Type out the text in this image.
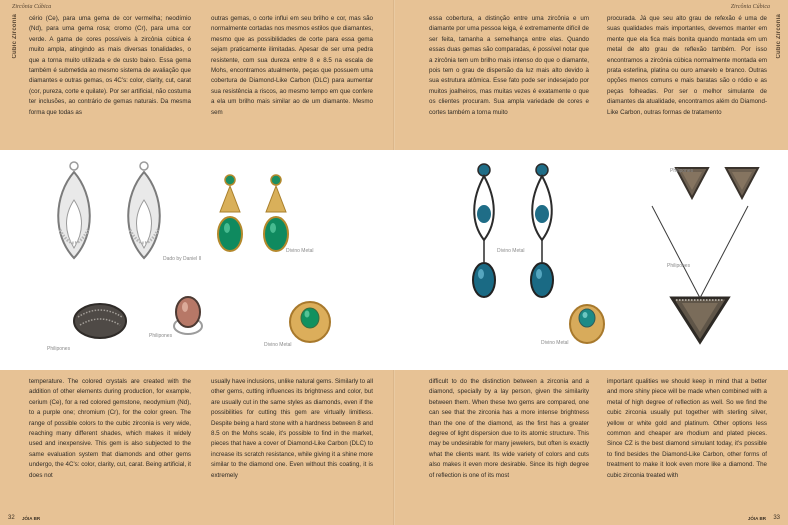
Zircônia Cúbica
Cubic Zirconia cério (Ce), para uma gema de cor vermelha; neodímio (Nd), para uma gema rosa; cromo (Cr), para uma cor verde. A gama de cores possíveis à zircônia cúbica é muito ampla, atingindo as mais diversas tonalidades, o que a torna muito utilizada e de custo baixo. Essa gema também é submetida ao mesmo sistema de avaliação que diamantes e outras gemas, os 4C's: color, clarity, cut, carat (cor, pureza, corte e quilate). Por ser artificial, não costuma ter inclusões, ao contrário de gemas naturais. Da mesma forma que todas as
outras gemas, o corte influi em seu brilho e cor, mas são normalmente cortadas nos mesmos estilos que diamantes, mesmo que as possibilidades de corte para essa gema sejam praticamente ilimitadas. Apesar de ser uma pedra resistente, com sua dureza entre 8 e 8.5 na escala de Mohs, encontramos atualmente, peças que possuem uma cobertura de Diamond-Like Carbon (DLC) para aumentar sua resistência a riscos, ao mesmo tempo em que confere a ela um brilho mais similar ao de um diamante. Mesmo sem
temperature. The colored crystals are created with the addition of other elements during production, for example, cerium (Ce), for a red colored gemstone, neodymium (Nd), to a purple one; chromium (Cr), for the color green. The range of possible colors to the cubic zirconia is very wide, reaching many different shades, which makes it widely used and inexpensive. This gem is also subjected to the same evaluation system that diamonds and other gems undergo, the 4C's: color, clarity, cut, carat. Being artificial, it does not
usually have inclusions, unlike natural gems. Similarly to all other gems, cutting influences its brightness and color, but are usually cut in the same styles as diamonds, even if the possibilities for cutting this gem are virtually limitless. Despite being a hard stone with a hardness between 8 and 8.5 on the Mohs scale, it's possible to find in the market, pieces that have a cover of Diamond-Like Carbon (DLC) to increase its scratch resistance, while giving it a shine more similar to the diamond one. Even without this coating, it is extremely
32 JÓIA BR
Zircônia Cúbica
Cubic Zirconia
essa cobertura, a distinção entre uma zircônia e um diamante por uma pessoa leiga, é extremamente difícil de ser feita, tamanha a semelhança entre elas. Quando essas duas gemas são comparadas, é possível notar que a zircônia tem um brilho mais intenso do que o diamante, pois tem o grau de dispersão da luz mais alto devido à sua estrutura atômica. Esse fato pode ser indesejado por muitos joalheiros, mas muitas vezes é exatamente o que os clientes procuram. Sua ampla variedade de cores e cortes também a torna muito
procurada. Já que seu alto grau de refexão é uma de suas qualidades mais importantes, devemos manter em mente que ela fica mais bonita quando montada em um metal de alto grau de reflexão também. Por isso encontramos a zircônia cúbica normalmente montada em prata esterlina, platina ou ouro amarelo e branco. Outras opções menos comuns e mais baratas são o ródio e as peças folheadas. Por ser o melhor simulante de diamantes da atualidade, encontramos além do Diamond-Like Carbon, outras formas de tratamento
difficult to do the distinction between a zirconia and a diamond, specially by a lay person, given the similarity between them. When these two gems are compared, one can see that the zirconia has a more intense brightness than the one of the diamond, as the first has a greater degree of light dispersion due to its atomic structure. This may be undesirable for many jewelers, but often is exactly what the clients want. Its wide variety of colors and cuts also makes it even more desirable. Since its high degree of reflection is one of its most
important qualities we should keep in mind that a better and more shiny piece will be made when combined with a metal of high degree of reflection as well. So we find the cubic zirconia usually put together with sterling silver, yellow or white gold and platinum. Other options less common and cheaper are rhodium and plated pieces. Since CZ is the best diamond simulant today, it's possible to find besides the Diamond-Like Carbon, other forms of treatment to make it look even more like a diamond. The cubic zirconia treated with
JÓIA BR 33
Dado by Daniel II
Divino Metal
Philipones
Philipones
Divino Metal
Divino Metal
Divino Metal
Philipones
Philipones
